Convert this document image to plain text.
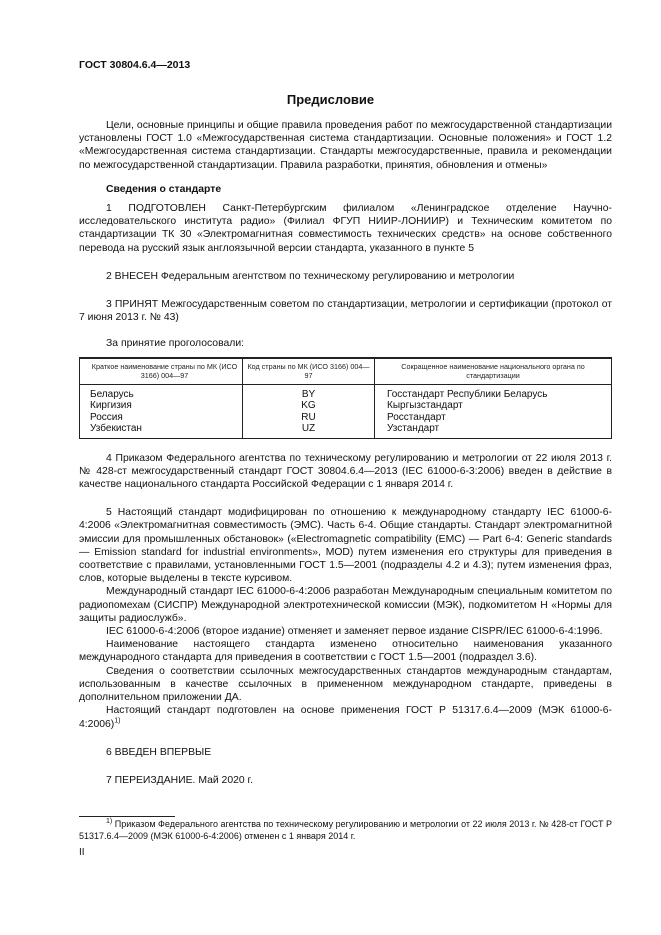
ГОСТ 30804.6.4—2013
Предисловие

Цели, основные принципы и общие правила проведения работ по межгосударственной стандартизации установлены ГОСТ 1.0 «Межгосударственная система стандартизации. Основные положения» и ГОСТ 1.2 «Межгосударственная система стандартизации. Стандарты межгосударственные, правила и рекомендации по межгосударственной стандартизации. Правила разработки, принятия, обновления и отмены»

Сведения о стандарте

1 ПОДГОТОВЛЕН Санкт-Петербургским филиалом «Ленинградское отделение Научно-исследовательского института радио» (Филиал ФГУП НИИР-ЛОНИИР) и Техническим комитетом по стандартизации ТК 30 «Электромагнитная совместимость технических средств» на основе собственного перевода на русский язык англоязычной версии стандарта, указанного в пункте 5

2 ВНЕСЕН Федеральным агентством по техническому регулированию и метрологии

3 ПРИНЯТ Межгосударственным советом по стандартизации, метрологии и сертификации (протокол от 7 июня 2013 г. № 43)

За принятие проголосовали:

Краткое наименование страны по МК (ИСО 3166) 004—97	Код страны по МК (ИСО 3166) 004—97	Сокращенное наименование национального органа по стандартизации
Беларусь	BY	Госстандарт Республики Беларусь
Киргизия	KG	Кыргызстандарт
Россия	RU	Росстандарт
Узбекистан	UZ	Узстандарт

4 Приказом Федерального агентства по техническому регулированию и метрологии от 22 июля 2013 г. № 428-ст межгосударственный стандарт ГОСТ 30804.6.4—2013 (IEC 61000-6-3:2006) введен в действие в качестве национального стандарта Российской Федерации с 1 января 2014 г.

5 Настоящий стандарт модифицирован по отношению к международному стандарту IEC 61000-6-4:2006 «Электромагнитная совместимость (ЭМС). Часть 6-4. Общие стандарты. Стандарт электромагнитной эмиссии для промышленных обстановок» («Electromagnetic compatibility (EMC) — Part 6-4: Generic standards — Emission standard for industrial environments», MOD) путем изменения его структуры для приведения в соответствие с правилами, установленными ГОСТ 1.5—2001 (подразделы 4.2 и 4.3); путем изменения фраз, слов, которые выделены в тексте курсивом.

Международный стандарт IEC 61000-6-4:2006 разработан Международным специальным комитетом по радиопомехам (СИСПР) Международной электротехнической комиссии (МЭК), подкомитетом Н «Нормы для защиты радиослужб».

IEC 61000-6-4:2006 (второе издание) отменяет и заменяет первое издание CISPR/IEC 61000-6-4:1996.

Наименование настоящего стандарта изменено относительно наименования указанного международного стандарта для приведения в соответствии с ГОСТ 1.5—2001 (подраздел 3.6).

Сведения о соответствии ссылочных межгосударственных стандартов международным стандартам, использованным в качестве ссылочных в примененном международном стандарте, приведены в дополнительном приложении ДА.

Настоящий стандарт подготовлен на основе применения ГОСТ Р 51317.6.4—2009 (МЭК 61000-6-4:2006)$^{1)}$

6 ВВЕДЕН ВПЕРВЫЕ

7 ПЕРЕИЗДАНИЕ. Май 2020 г.

$^{1)}$ Приказом Федерального агентства по техническому регулированию и метрологии от 22 июля 2013 г. № 428-ст ГОСТ Р 51317.6.4—2009 (МЭК 61000-6-4:2006) отменен с 1 января 2014 г.
II
